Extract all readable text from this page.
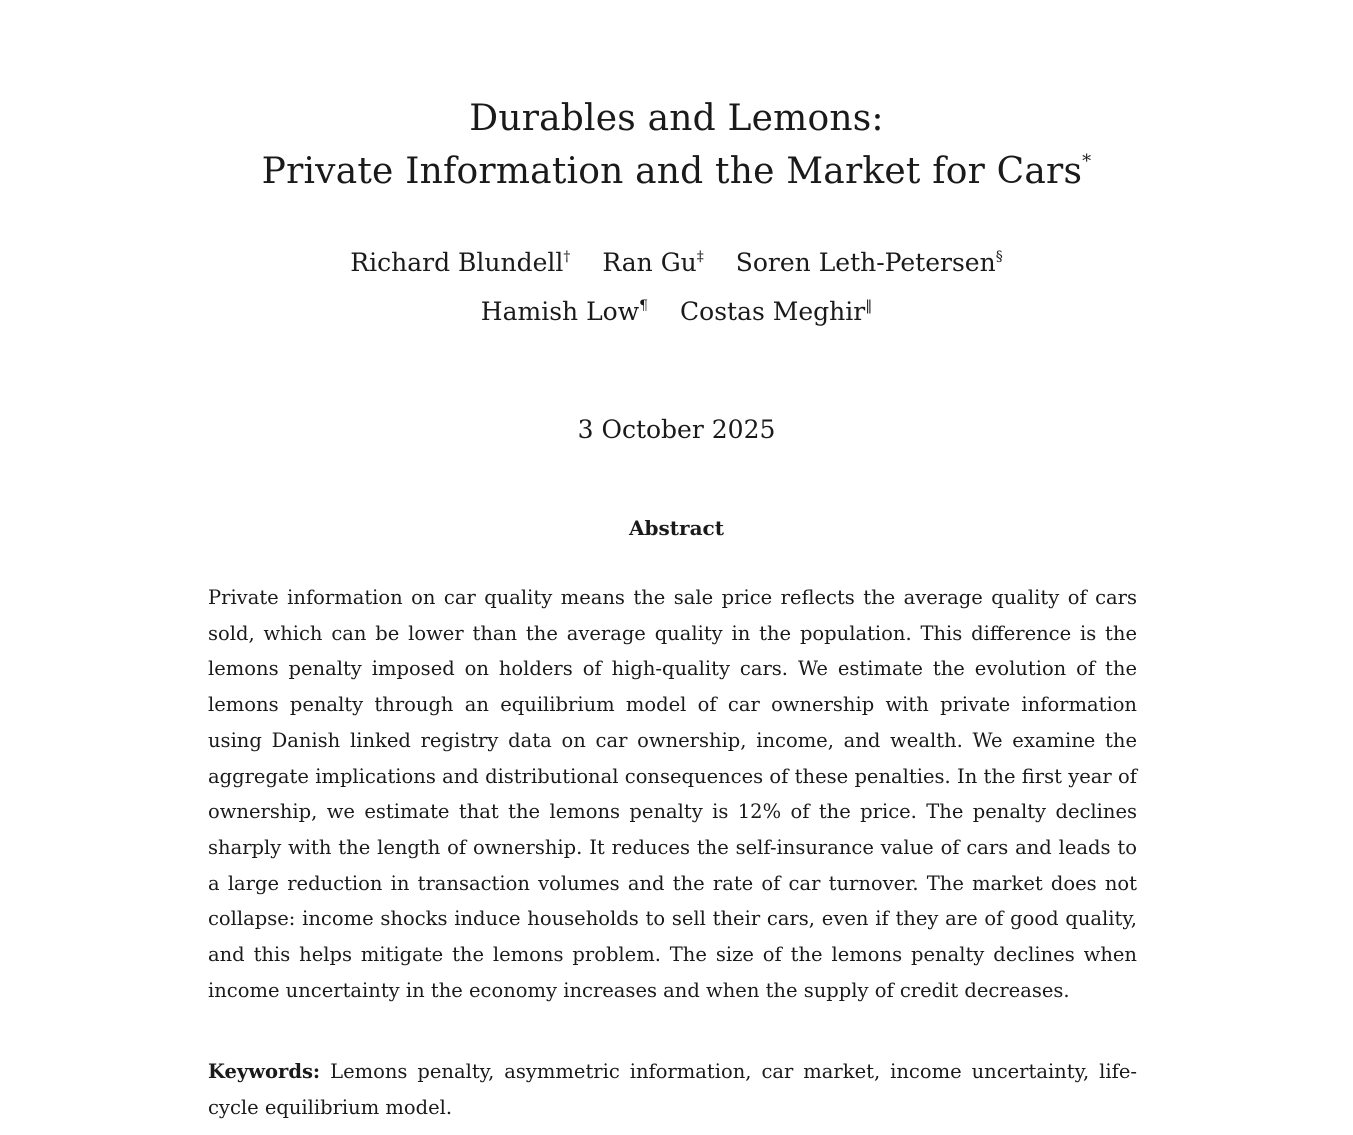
Durables and Lemons:
Private Information and the Market for Cars*
Richard Blundell† Ran Gu‡ Soren Leth-Petersen§
Hamish Low¶ Costas Meghir‖
3 October 2025
Abstract

Private information on car quality means the sale price reflects the average quality of cars sold, which can be lower than the average quality in the population. This difference is the lemons penalty imposed on holders of high-quality cars. We estimate the evolution of the lemons penalty through an equilibrium model of car ownership with private information using Danish linked registry data on car ownership, income, and wealth. We examine the aggregate implications and distributional consequences of these penalties. In the first year of ownership, we estimate that the lemons penalty is 12% of the price. The penalty declines sharply with the length of ownership. It reduces the self-insurance value of cars and leads to a large reduction in transaction volumes and the rate of car turnover. The market does not collapse: income shocks induce households to sell their cars, even if they are of good quality, and this helps mitigate the lemons problem. The size of the lemons penalty declines when income uncertainty in the economy increases and when the supply of credit decreases.

Keywords: Lemons penalty, asymmetric information, car market, income uncertainty, life-cycle equilibrium model.
